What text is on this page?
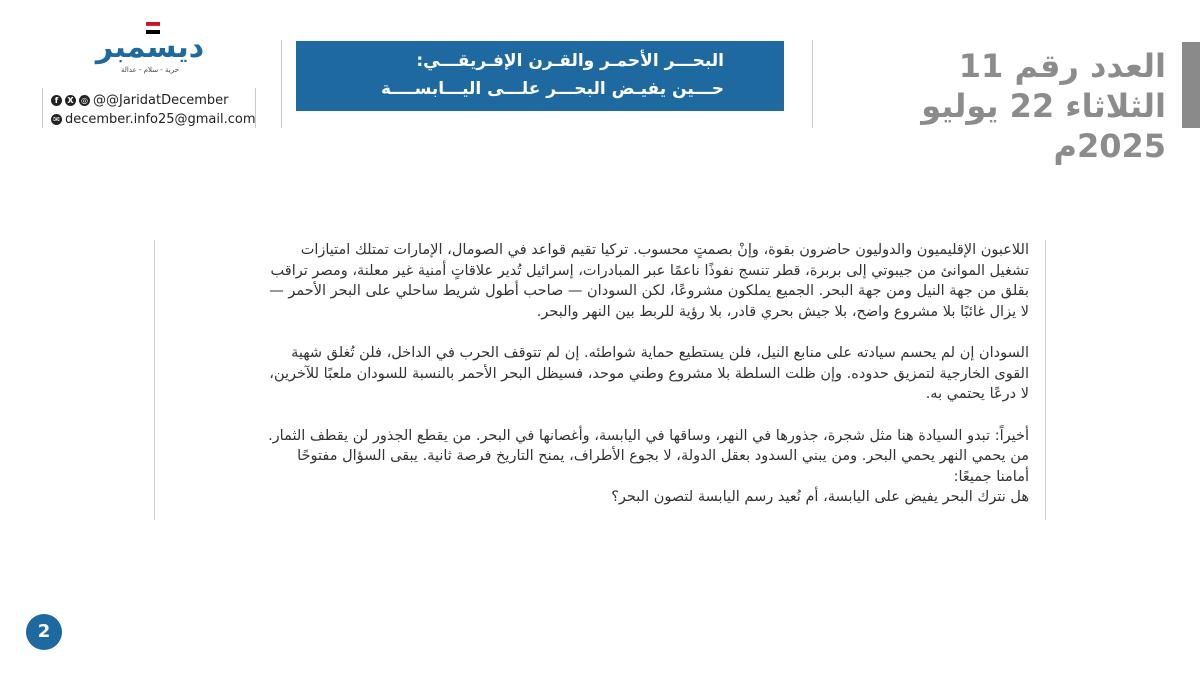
العدد رقم 11
الثلاثاء 22 يوليو 2025م
البحـــر الأحمـر والقـرن الإفـريقـــي:
حـــين يفيـض البحـــر علـــى اليـــابســــة
ديسمبر
حرية - سلام - عدالة
f	X ◎ @@JaridatDecember
✉ december.info25@gmail.com

اللاعبون الإقليميون والدوليون حاضرون بقوة، وإنْ بصمتٍ محسوب. تركيا تقيم قواعد في الصومال، الإمارات تمتلك امتيازات
تشغيل الموانئ من جيبوتي إلى بربرة، قطر تنسج نفوذًا ناعمًا عبر المبادرات، إسرائيل تُدير علاقاتٍ أمنية غير معلنة، ومصر تراقب
بقلق من جهة النيل ومن جهة البحر. الجميع يملكون مشروعًا، لكن السودان — صاحب أطول شريط ساحلي على البحر الأحمر —
لا يزال غائبًا بلا مشروع واضح، بلا جيش بحري قادر، بلا رؤية للربط بين النهر والبحر.

السودان إن لم يحسم سيادته على منابع النيل، فلن يستطيع حماية شواطئه. إن لم تتوقف الحرب في الداخل، فلن تُغلق شهية
القوى الخارجية لتمزيق حدوده. وإن ظلت السلطة بلا مشروع وطني موحد، فسيظل البحر الأحمر بالنسبة للسودان ملعبًا للآخرين،
لا درعًا يحتمي به.

أخيراً: تبدو السيادة هنا مثل شجرة، جذورها في النهر، وساقها في اليابسة، وأغصانها في البحر. من يقطع الجذور لن يقطف الثمار.
من يحمي النهر يحمي البحر. ومن يبني السدود بعقل الدولة، لا بجوع الأطراف، يمنح التاريخ فرصة ثانية. يبقى السؤال مفتوحًا
أمامنا جميعًا:
هل نترك البحر يفيض على اليابسة، أم نُعيد رسم اليابسة لتصون البحر؟

2
